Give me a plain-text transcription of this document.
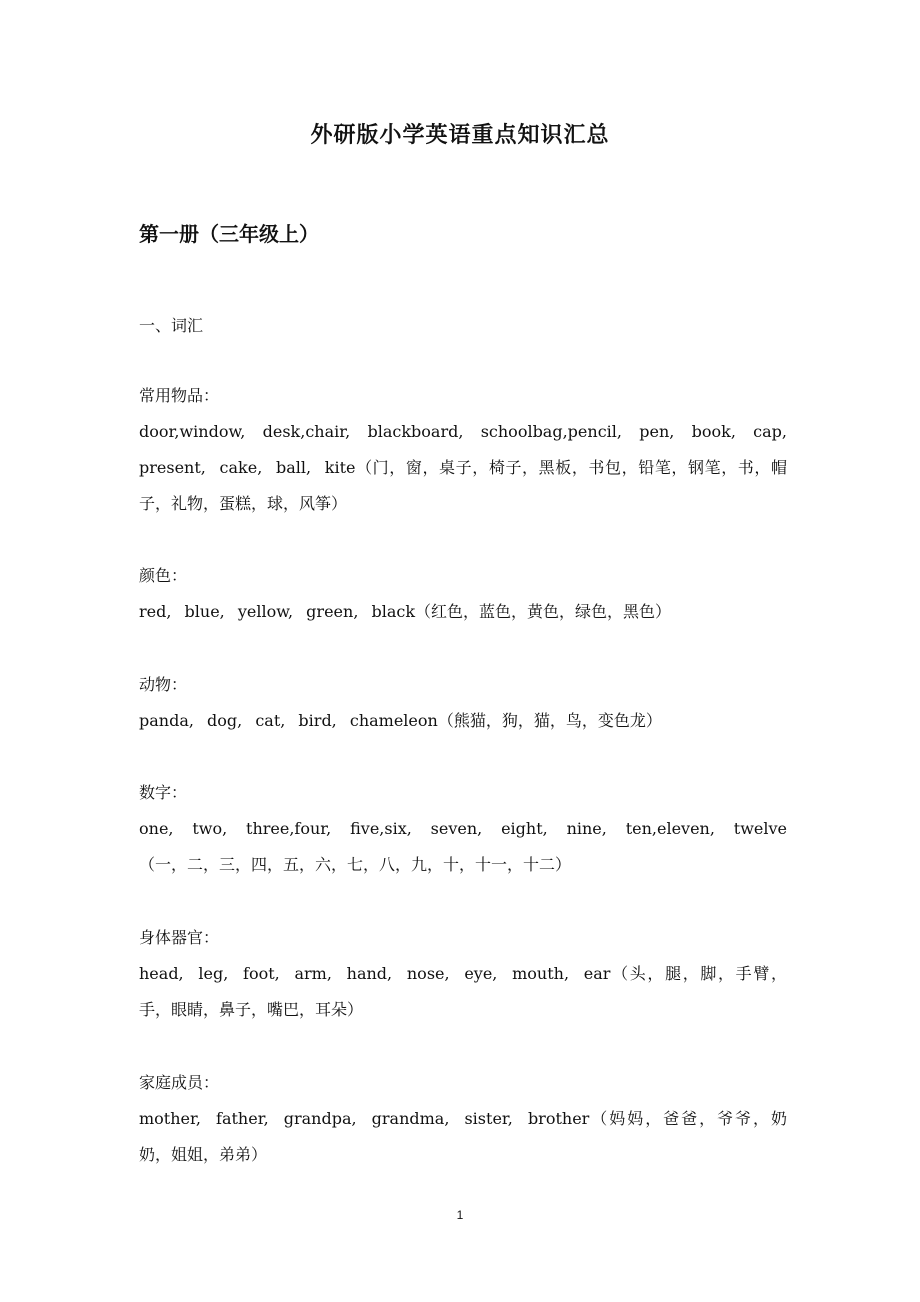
外研版小学英语重点知识汇总
第一册（三年级上）
一、词汇
常用物品：
door,window, desk,chair, blackboard, schoolbag,pencil, pen, book, cap, present, cake, ball, kite（门，窗，桌子，椅子，黑板，书包，铅笔，钢笔，书，帽子，礼物，蛋糕，球，风筝）
颜色：
red, blue, yellow, green, black（红色，蓝色，黄色，绿色，黑色）
动物：
panda, dog, cat, bird, chameleon（熊猫，狗，猫，鸟，变色龙）
数字：
one, two, three,four, five,six, seven, eight, nine, ten,eleven, twelve（一，二，三，四，五，六，七，八，九，十，十一，十二）
身体器官：
head, leg, foot, arm, hand, nose, eye, mouth, ear（头，腿，脚，手臂，手，眼睛，鼻子，嘴巴，耳朵）
家庭成员：
mother, father, grandpa, grandma, sister, brother（妈妈，爸爸，爷爷，奶奶，姐姐，弟弟）
1
